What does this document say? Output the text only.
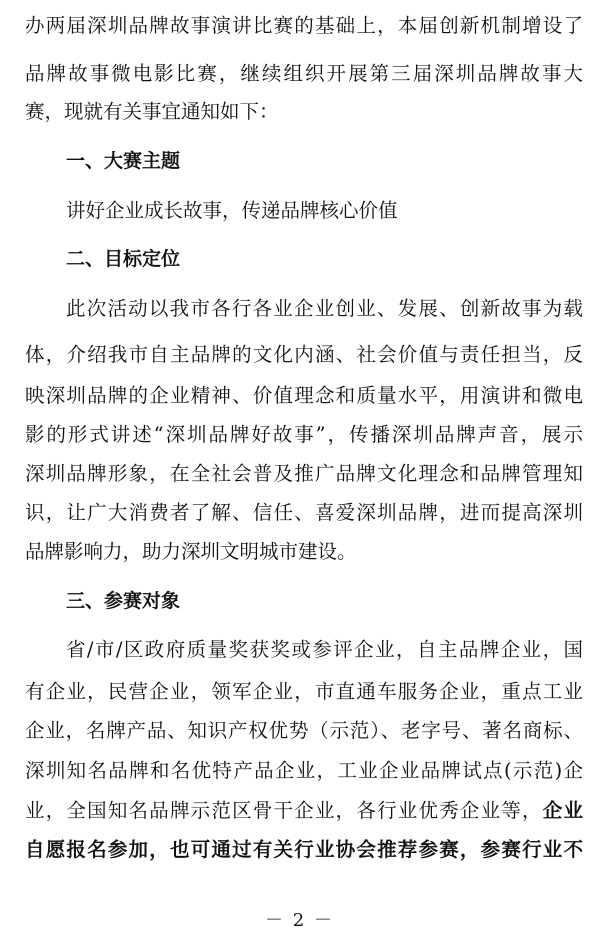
办两届深圳品牌故事演讲比赛的基础上，本届创新机制增设了
品牌故事微电影比赛，继续组织开展第三届深圳品牌故事大
赛，现就有关事宜通知如下：
一、大赛主题
讲好企业成长故事，传递品牌核心价值
二、目标定位
此次活动以我市各行各业企业创业、发展、创新故事为载
体，介绍我市自主品牌的文化内涵、社会价值与责任担当，反
映深圳品牌的企业精神、价值理念和质量水平，用演讲和微电
影的形式讲述“深圳品牌好故事”，传播深圳品牌声音，展示
深圳品牌形象，在全社会普及推广品牌文化理念和品牌管理知
识，让广大消费者了解、信任、喜爱深圳品牌，进而提高深圳
品牌影响力，助力深圳文明城市建设。
三、参赛对象
省/市/区政府质量奖获奖或参评企业，自主品牌企业，国
有企业，民营企业，领军企业，市直通车服务企业，重点工业
企业，名牌产品、知识产权优势（示范）、老字号、著名商标、
深圳知名品牌和名优特产品企业，工业企业品牌试点(示范)企
业，全国知名品牌示范区骨干企业，各行业优秀企业等，企业
自愿报名参加，也可通过有关行业协会推荐参赛，参赛行业不
－ 2 －
